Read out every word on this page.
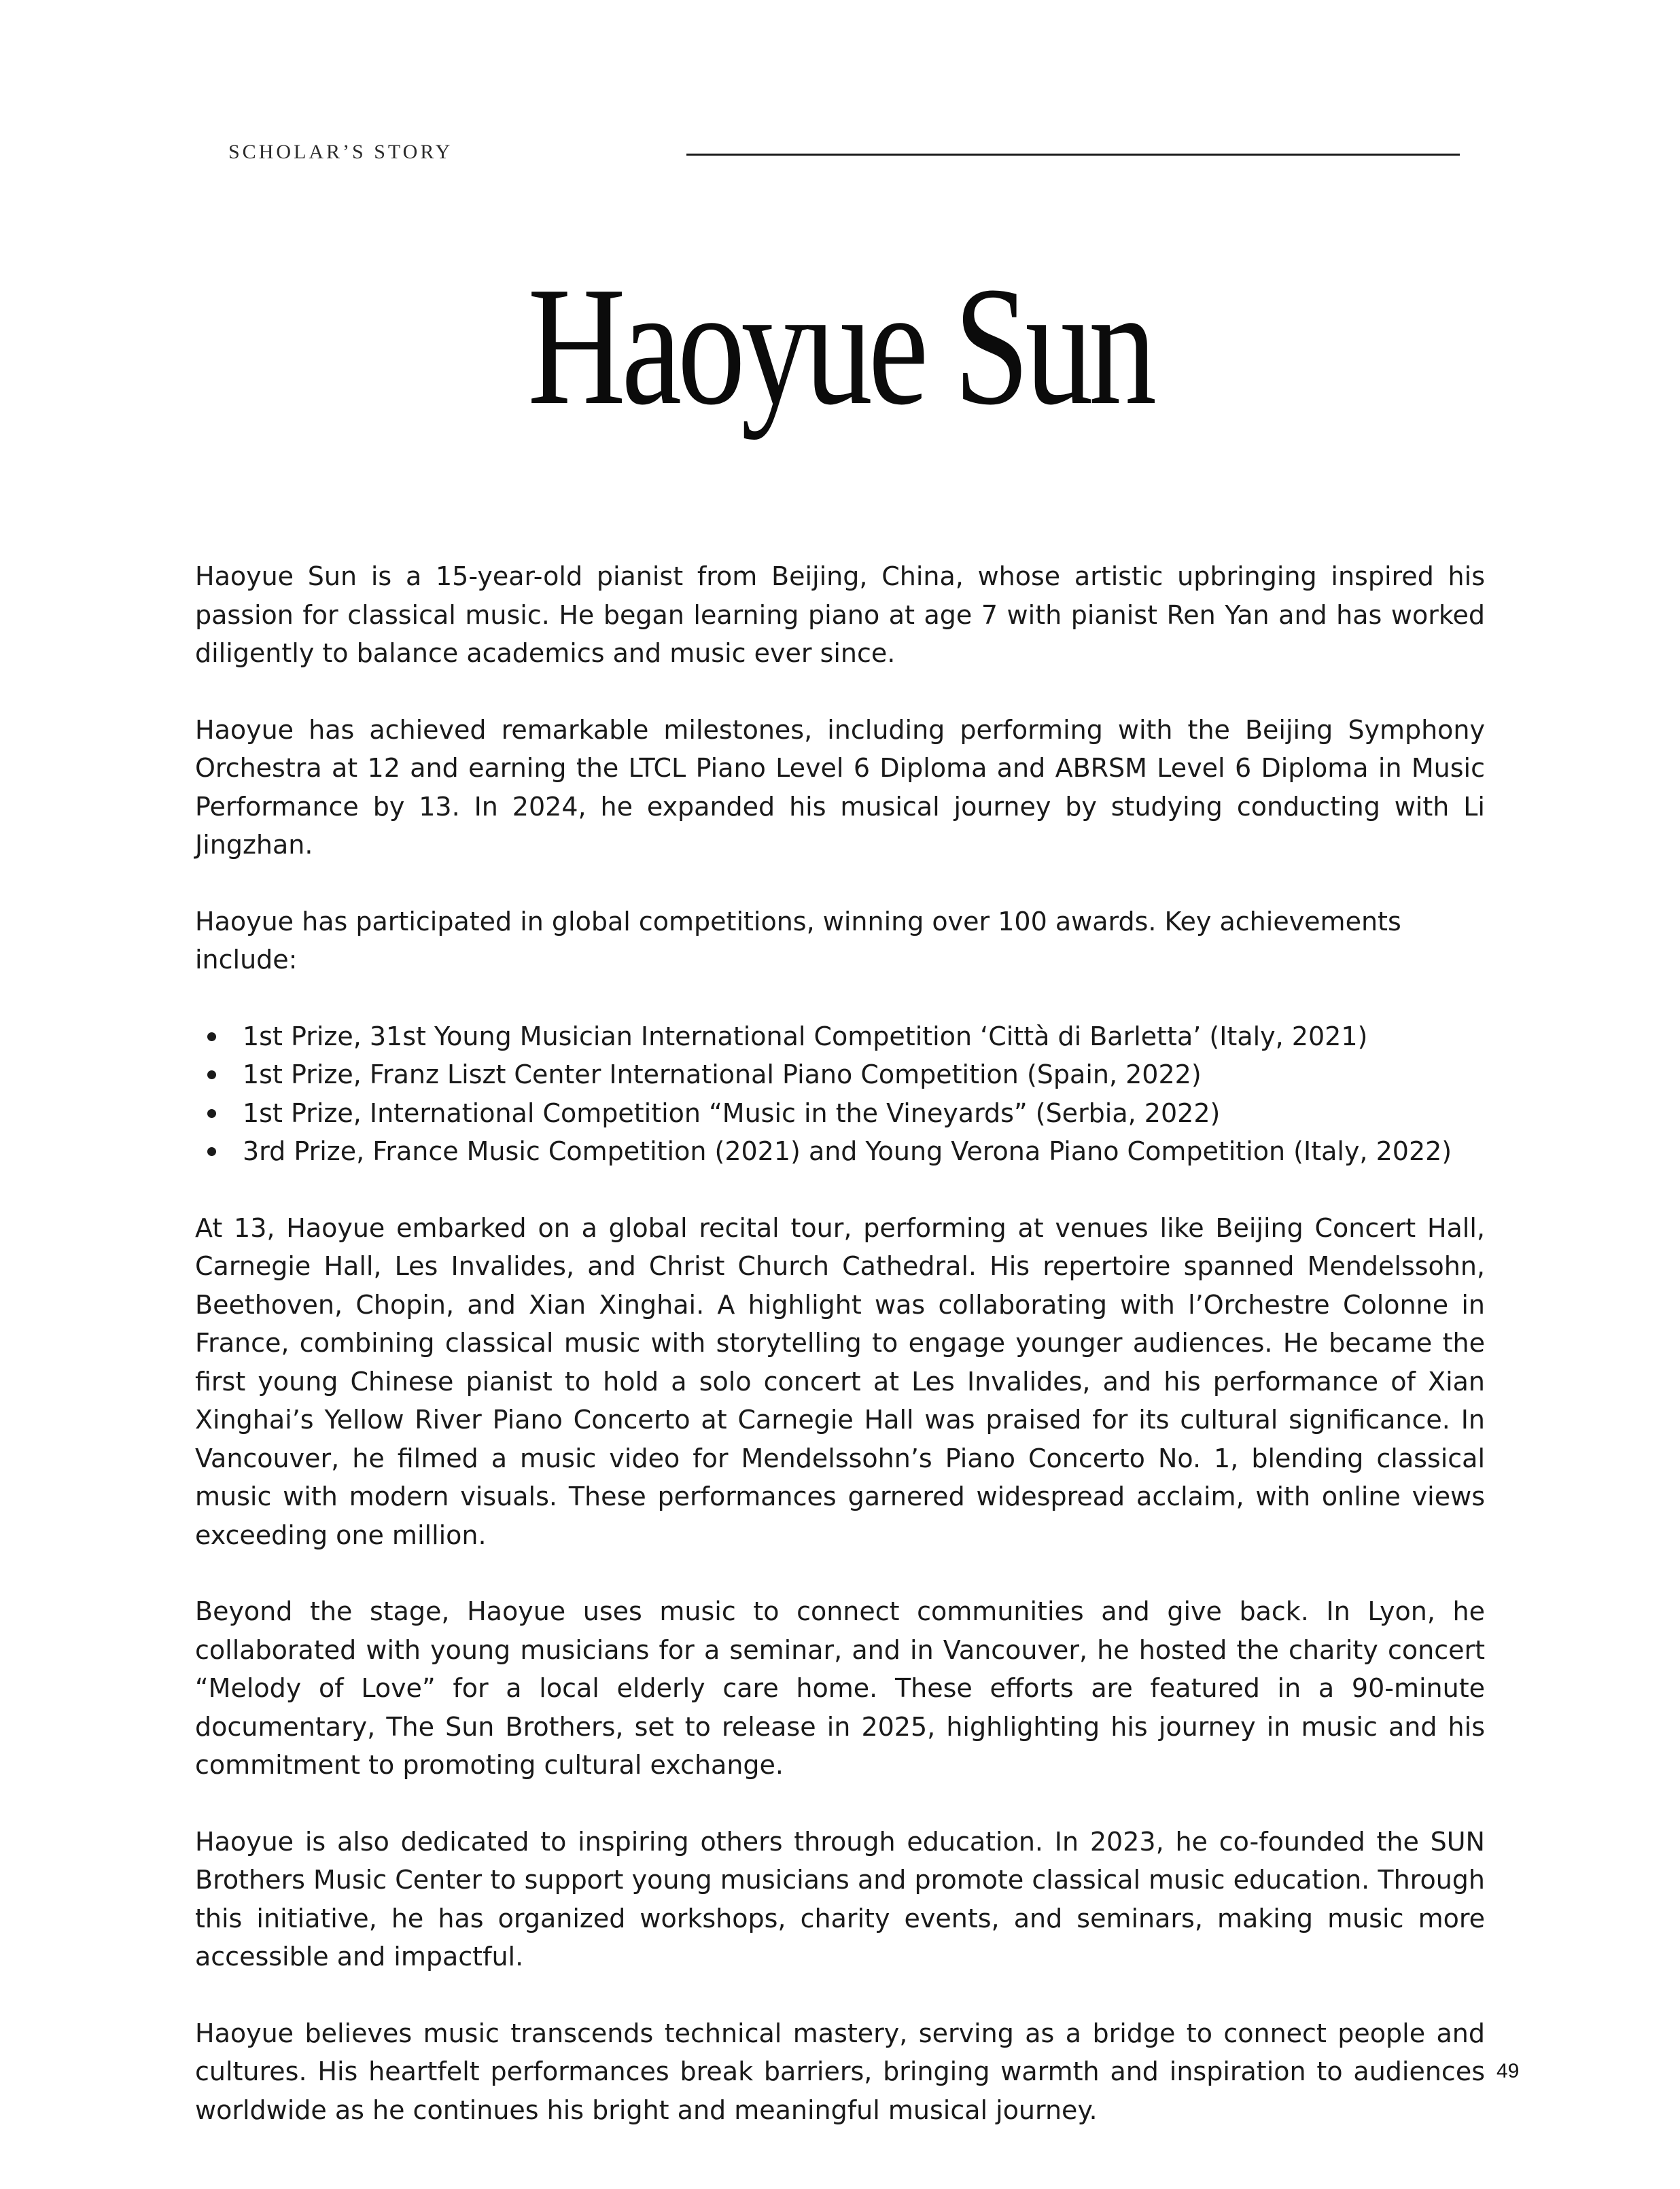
SCHOLAR’S STORY
Haoyue Sun

Haoyue Sun is a 15-year-old pianist from Beijing, China, whose artistic upbringing inspired his passion for classical music. He began learning piano at age 7 with pianist Ren Yan and has worked diligently to balance academics and music ever since.

Haoyue has achieved remarkable milestones, including performing with the Beijing Symphony Orchestra at 12 and earning the LTCL Piano Level 6 Diploma and ABRSM Level 6 Diploma in Music Performance by 13. In 2024, he expanded his musical journey by studying conducting with Li Jingzhan.

Haoyue has participated in global competitions, winning over 100 awards. Key achievements include:

1st Prize, 31st Young Musician International Competition ‘Città di Barletta’ (Italy, 2021)
1st Prize, Franz Liszt Center International Piano Competition (Spain, 2022)
1st Prize, International Competition “Music in the Vineyards” (Serbia, 2022)
3rd Prize, France Music Competition (2021) and Young Verona Piano Competition (Italy, 2022)

At 13, Haoyue embarked on a global recital tour, performing at venues like Beijing Concert Hall, Carnegie Hall, Les Invalides, and Christ Church Cathedral. His repertoire spanned Mendelssohn, Beethoven, Chopin, and Xian Xinghai. A highlight was collaborating with l’Orchestre Colonne in France, combining classical music with storytelling to engage younger audiences. He became the first young Chinese pianist to hold a solo concert at Les Invalides, and his performance of Xian Xinghai’s Yellow River Piano Concerto at Carnegie Hall was praised for its cultural significance. In Vancouver, he filmed a music video for Mendelssohn’s Piano Concerto No. 1, blending classical music with modern visuals. These performances garnered widespread acclaim, with online views exceeding one million.

Beyond the stage, Haoyue uses music to connect communities and give back. In Lyon, he collaborated with young musicians for a seminar, and in Vancouver, he hosted the charity concert “Melody of Love” for a local elderly care home. These efforts are featured in a 90-minute documentary, The Sun Brothers, set to release in 2025, highlighting his journey in music and his commitment to promoting cultural exchange.

Haoyue is also dedicated to inspiring others through education. In 2023, he co-founded the SUN Brothers Music Center to support young musicians and promote classical music education. Through this initiative, he has organized workshops, charity events, and seminars, making music more accessible and impactful.

Haoyue believes music transcends technical mastery, serving as a bridge to connect people and cultures. His heartfelt performances break barriers, bringing warmth and inspiration to audiences worldwide as he continues his bright and meaningful musical journey.

49
